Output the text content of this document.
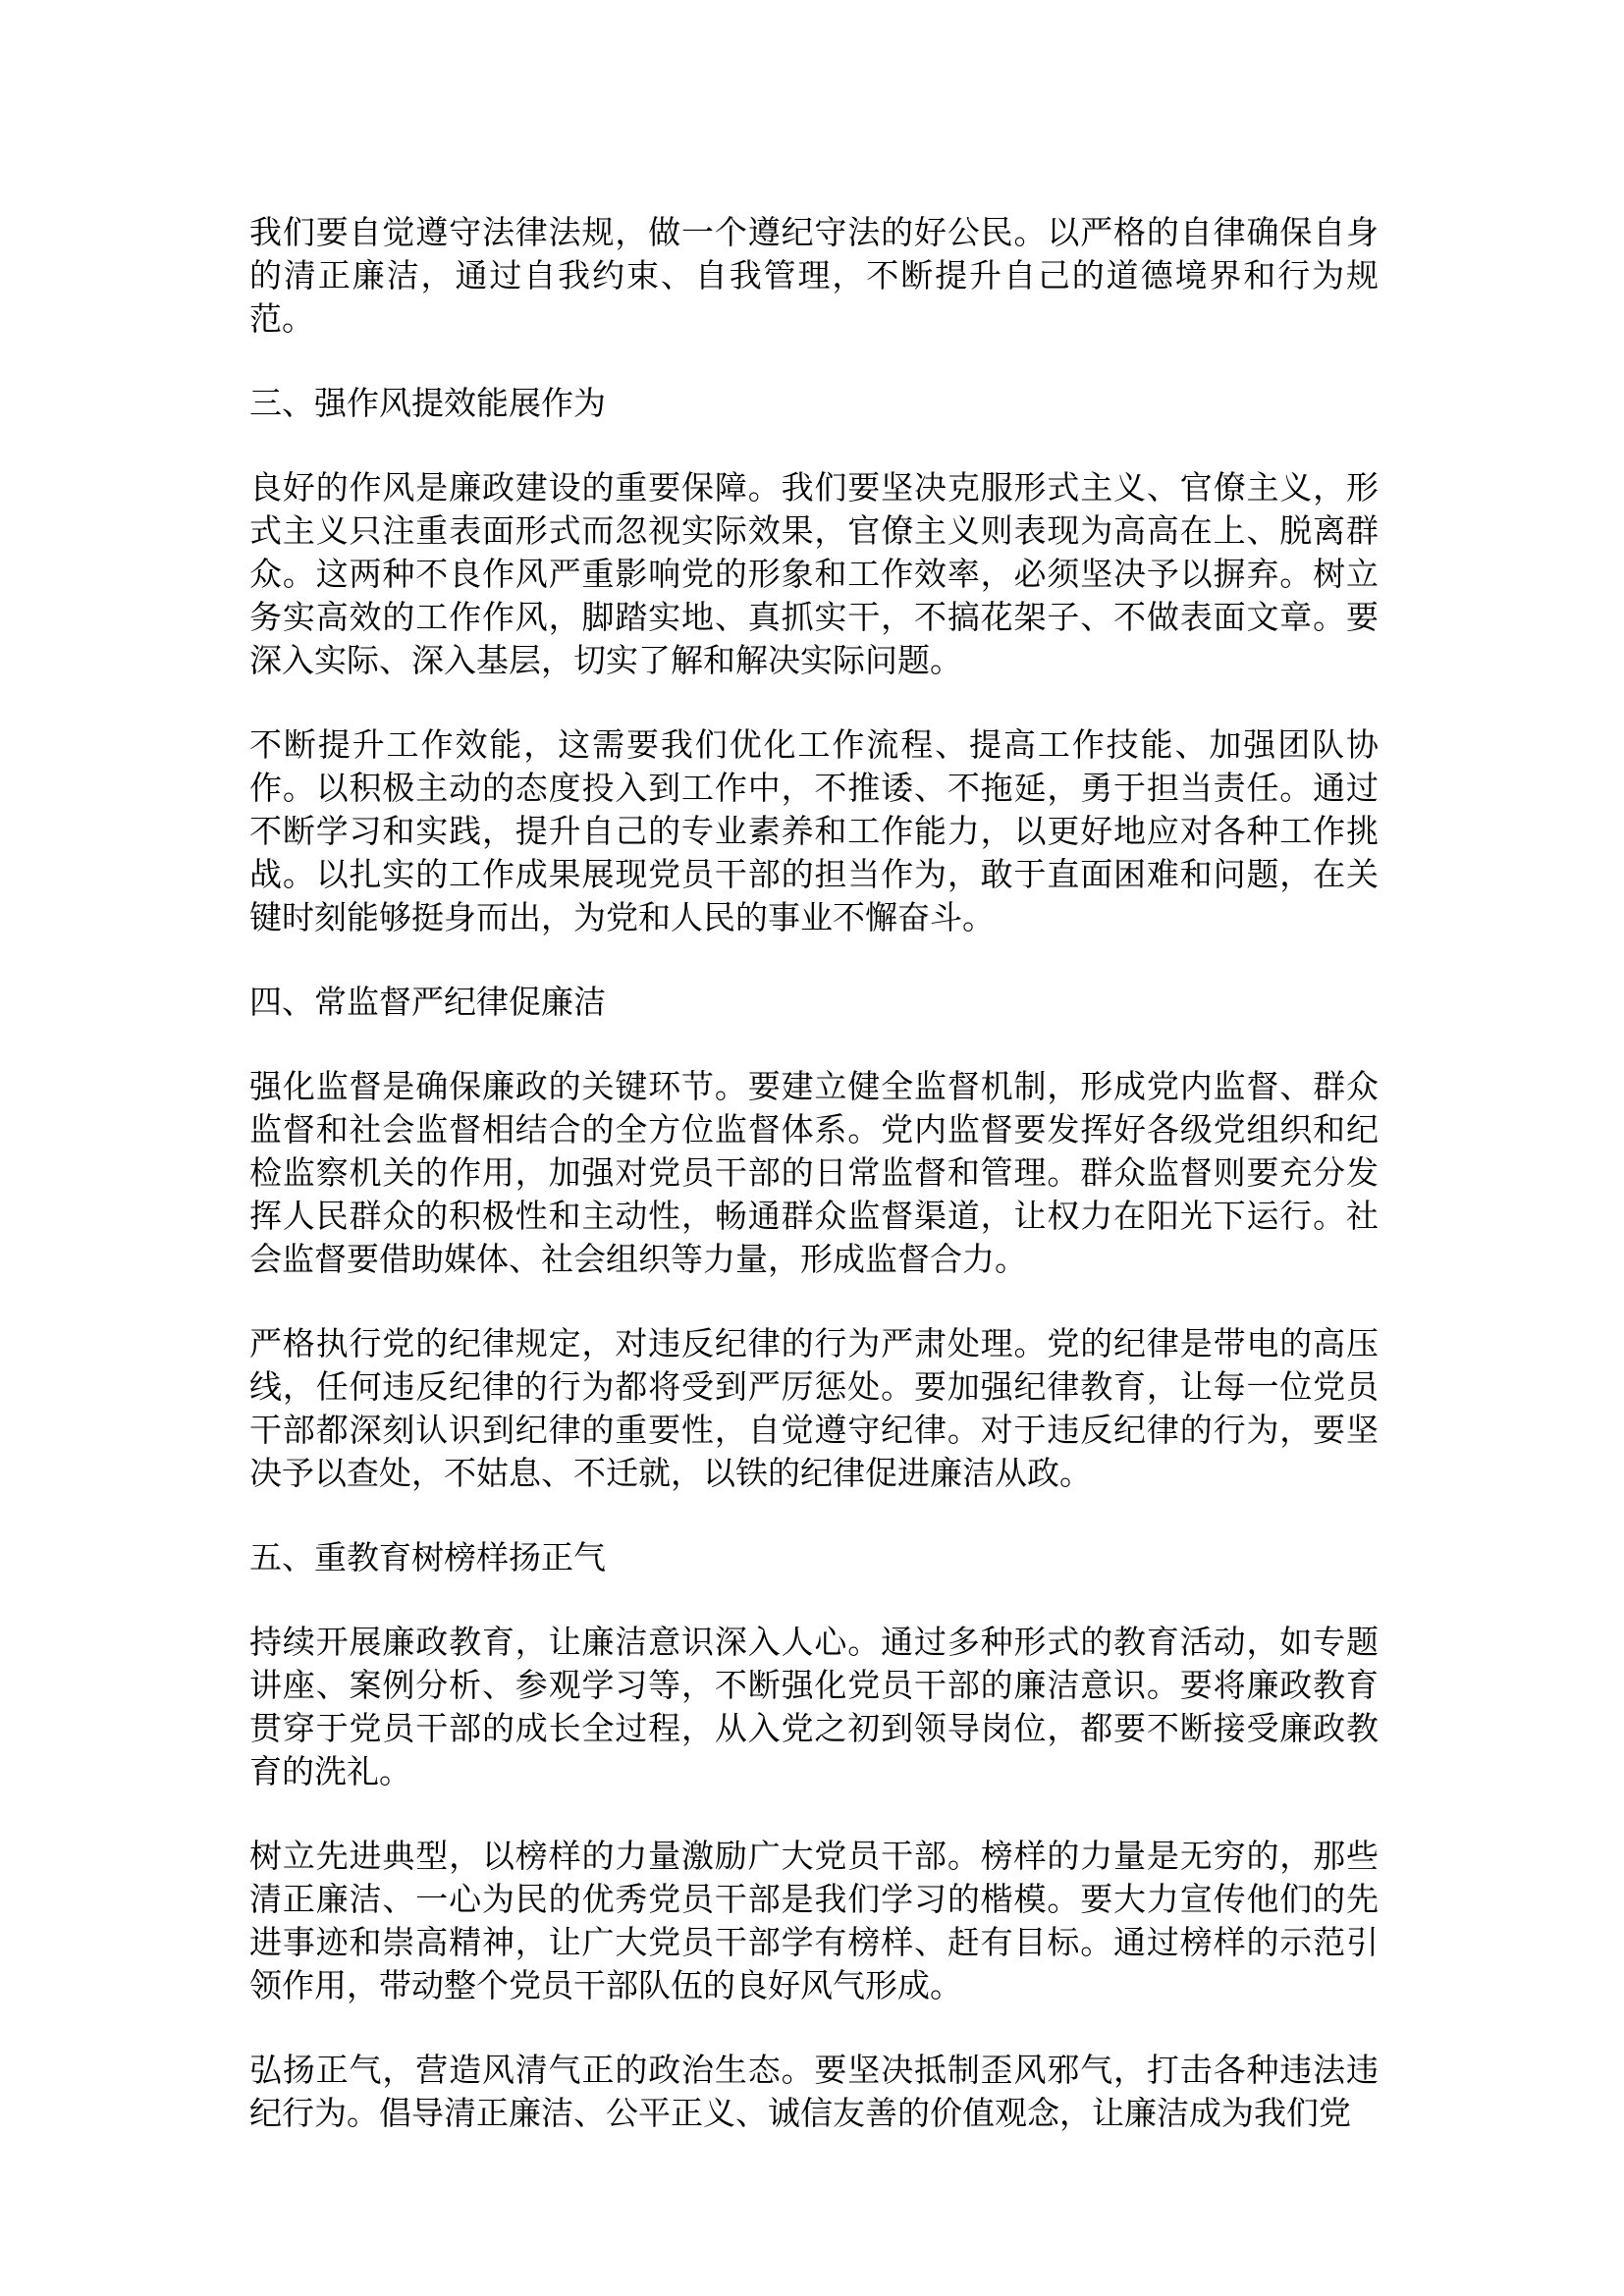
我们要自觉遵守法律法规，做一个遵纪守法的好公民。以严格的自律确保自身的清正廉洁，通过自我约束、自我管理，不断提升自己的道德境界和行为规范。

三、强作风提效能展作为

良好的作风是廉政建设的重要保障。我们要坚决克服形式主义、官僚主义，形式主义只注重表面形式而忽视实际效果，官僚主义则表现为高高在上、脱离群众。这两种不良作风严重影响党的形象和工作效率，必须坚决予以摒弃。树立务实高效的工作作风，脚踏实地、真抓实干，不搞花架子、不做表面文章。要深入实际、深入基层，切实了解和解决实际问题。

不断提升工作效能，这需要我们优化工作流程、提高工作技能、加强团队协作。以积极主动的态度投入到工作中，不推诿、不拖延，勇于担当责任。通过不断学习和实践，提升自己的专业素养和工作能力，以更好地应对各种工作挑战。以扎实的工作成果展现党员干部的担当作为，敢于直面困难和问题，在关键时刻能够挺身而出，为党和人民的事业不懈奋斗。

四、常监督严纪律促廉洁

强化监督是确保廉政的关键环节。要建立健全监督机制，形成党内监督、群众监督和社会监督相结合的全方位监督体系。党内监督要发挥好各级党组织和纪检监察机关的作用，加强对党员干部的日常监督和管理。群众监督则要充分发挥人民群众的积极性和主动性，畅通群众监督渠道，让权力在阳光下运行。社会监督要借助媒体、社会组织等力量，形成监督合力。

严格执行党的纪律规定，对违反纪律的行为严肃处理。党的纪律是带电的高压线，任何违反纪律的行为都将受到严厉惩处。要加强纪律教育，让每一位党员干部都深刻认识到纪律的重要性，自觉遵守纪律。对于违反纪律的行为，要坚决予以查处，不姑息、不迁就，以铁的纪律促进廉洁从政。

五、重教育树榜样扬正气

持续开展廉政教育，让廉洁意识深入人心。通过多种形式的教育活动，如专题讲座、案例分析、参观学习等，不断强化党员干部的廉洁意识。要将廉政教育贯穿于党员干部的成长全过程，从入党之初到领导岗位，都要不断接受廉政教育的洗礼。

树立先进典型，以榜样的力量激励广大党员干部。榜样的力量是无穷的，那些清正廉洁、一心为民的优秀党员干部是我们学习的楷模。要大力宣传他们的先进事迹和崇高精神，让广大党员干部学有榜样、赶有目标。通过榜样的示范引领作用，带动整个党员干部队伍的良好风气形成。

弘扬正气，营造风清气正的政治生态。要坚决抵制歪风邪气，打击各种违法违纪行为。倡导清正廉洁、公平正义、诚信友善的价值观念，让廉洁成为我们党
